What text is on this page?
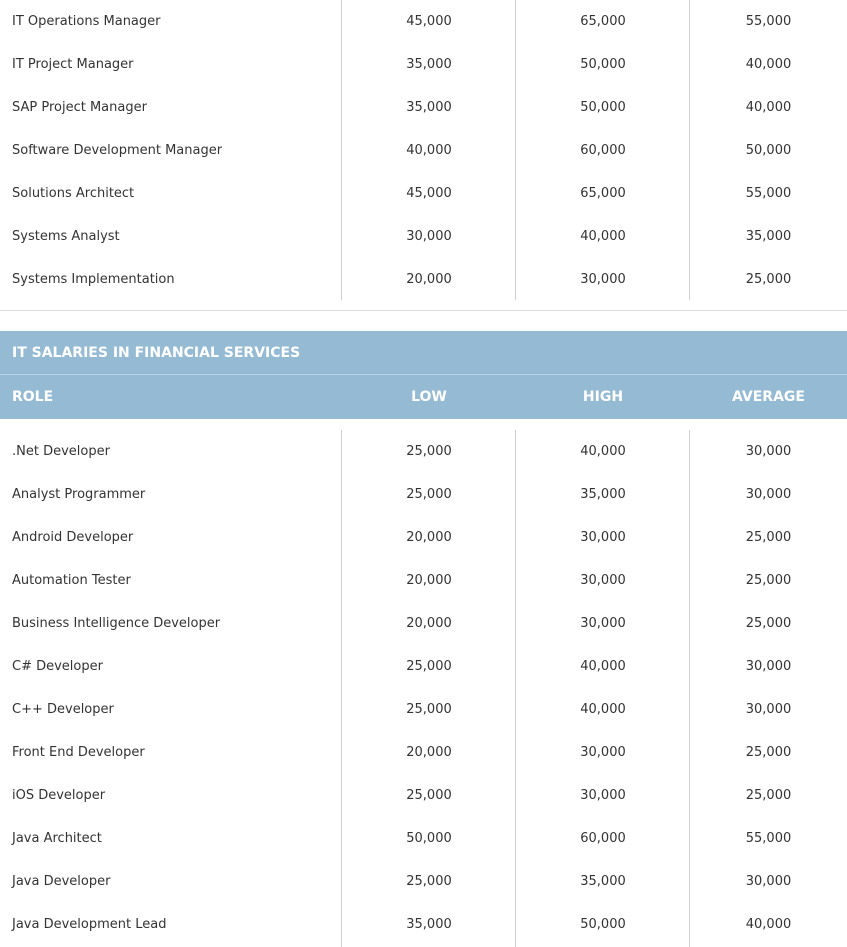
IT Operations Manager	45,000	65,000	55,000
IT Project Manager	35,000	50,000	40,000
SAP Project Manager	35,000	50,000	40,000
Software Development Manager	40,000	60,000	50,000
Solutions Architect	45,000	65,000	55,000
Systems Analyst	30,000	40,000	35,000
Systems Implementation	20,000	30,000	25,000
IT SALARIES IN FINANCIAL SERVICES
ROLE	LOW	HIGH	AVERAGE
.Net Developer	25,000	40,000	30,000
Analyst Programmer	25,000	35,000	30,000
Android Developer	20,000	30,000	25,000
Automation Tester	20,000	30,000	25,000
Business Intelligence Developer	20,000	30,000	25,000
C# Developer	25,000	40,000	30,000
C++ Developer	25,000	40,000	30,000
Front End Developer	20,000	30,000	25,000
iOS Developer	25,000	30,000	25,000
Java Architect	50,000	60,000	55,000
Java Developer	25,000	35,000	30,000
Java Development Lead	35,000	50,000	40,000
